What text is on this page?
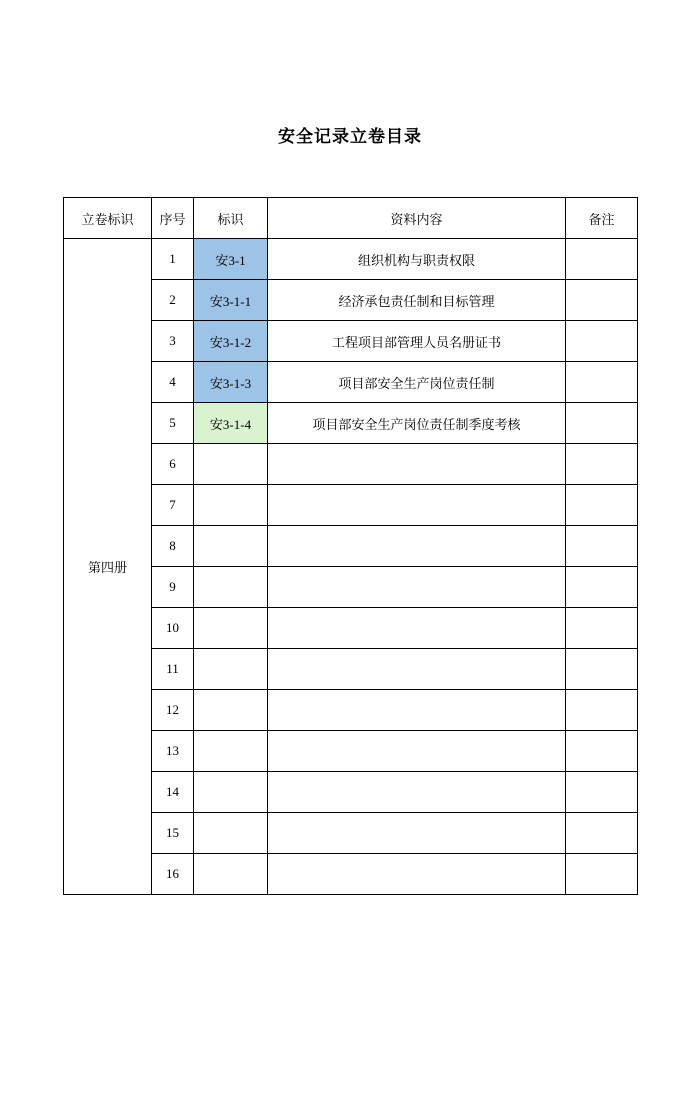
安全记录立卷目录
立卷标识	序号	标识	资料内容	备注
第四册	1	安3-1	组织机构与职责权限	
	2	安3-1-1	经济承包责任制和目标管理	
	3	安3-1-2	工程项目部管理人员名册证书	
	4	安3-1-3	项目部安全生产岗位责任制	
	5	安3-1-4	项目部安全生产岗位责任制季度考核	
	6			
	7			
	8			
	9			
	10			
	11			
	12			
	13			
	14			
	15			
	16			
